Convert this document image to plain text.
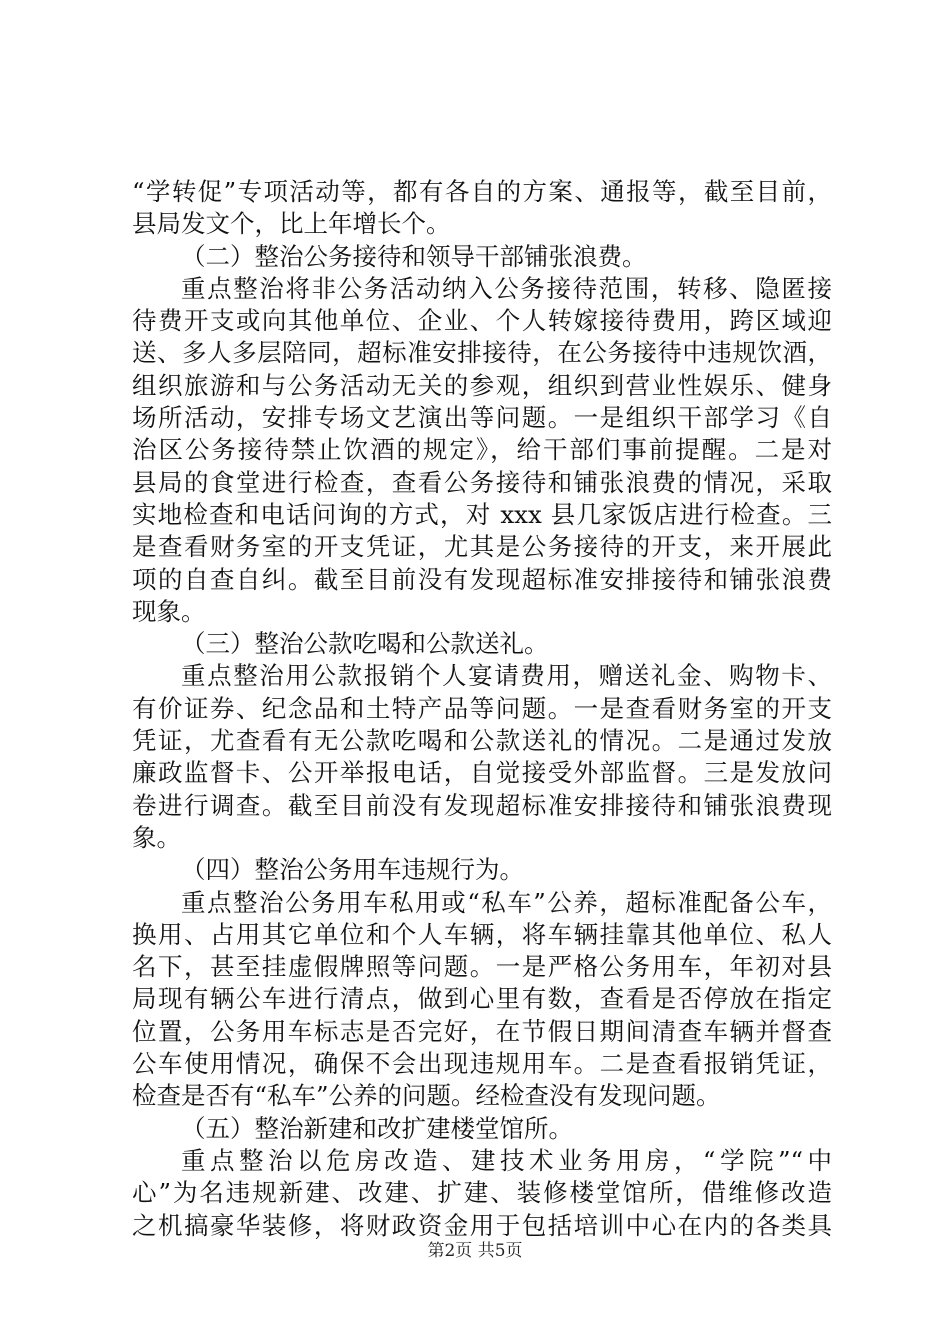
“学转促”专项活动等，都有各自的方案、通报等，截至目前，
县局发文个，比上年增长个。
（二）整治公务接待和领导干部铺张浪费。
重点整治将非公务活动纳入公务接待范围，转移、隐匿接
待费开支或向其他单位、企业、个人转嫁接待费用，跨区域迎
送、多人多层陪同，超标准安排接待，在公务接待中违规饮酒，
组织旅游和与公务活动无关的参观，组织到营业性娱乐、健身
场所活动，安排专场文艺演出等问题。一是组织干部学习《自
治区公务接待禁止饮酒的规定》，给干部们事前提醒。二是对
县局的食堂进行检查，查看公务接待和铺张浪费的情况，采取
实地检查和电话问询的方式，对 xxx 县几家饭店进行检查。三
是查看财务室的开支凭证，尤其是公务接待的开支，来开展此
项的自查自纠。截至目前没有发现超标准安排接待和铺张浪费
现象。
（三）整治公款吃喝和公款送礼。
重点整治用公款报销个人宴请费用，赠送礼金、购物卡、
有价证券、纪念品和土特产品等问题。一是查看财务室的开支
凭证，尤查看有无公款吃喝和公款送礼的情况。二是通过发放
廉政监督卡、公开举报电话，自觉接受外部监督。三是发放问
卷进行调查。截至目前没有发现超标准安排接待和铺张浪费现
象。
（四）整治公务用车违规行为。
重点整治公务用车私用或“私车”公养，超标准配备公车，
换用、占用其它单位和个人车辆，将车辆挂靠其他单位、私人
名下，甚至挂虚假牌照等问题。一是严格公务用车，年初对县
局现有辆公车进行清点，做到心里有数，查看是否停放在指定
位置，公务用车标志是否完好，在节假日期间清查车辆并督查
公车使用情况，确保不会出现违规用车。二是查看报销凭证，
检查是否有“私车”公养的问题。经检查没有发现问题。
（五）整治新建和改扩建楼堂馆所。
重点整治以危房改造、建技术业务用房，“学院”“中
心”为名违规新建、改建、扩建、装修楼堂馆所，借维修改造
之机搞豪华装修，将财政资金用于包括培训中心在内的各类具
第2页 共5页
